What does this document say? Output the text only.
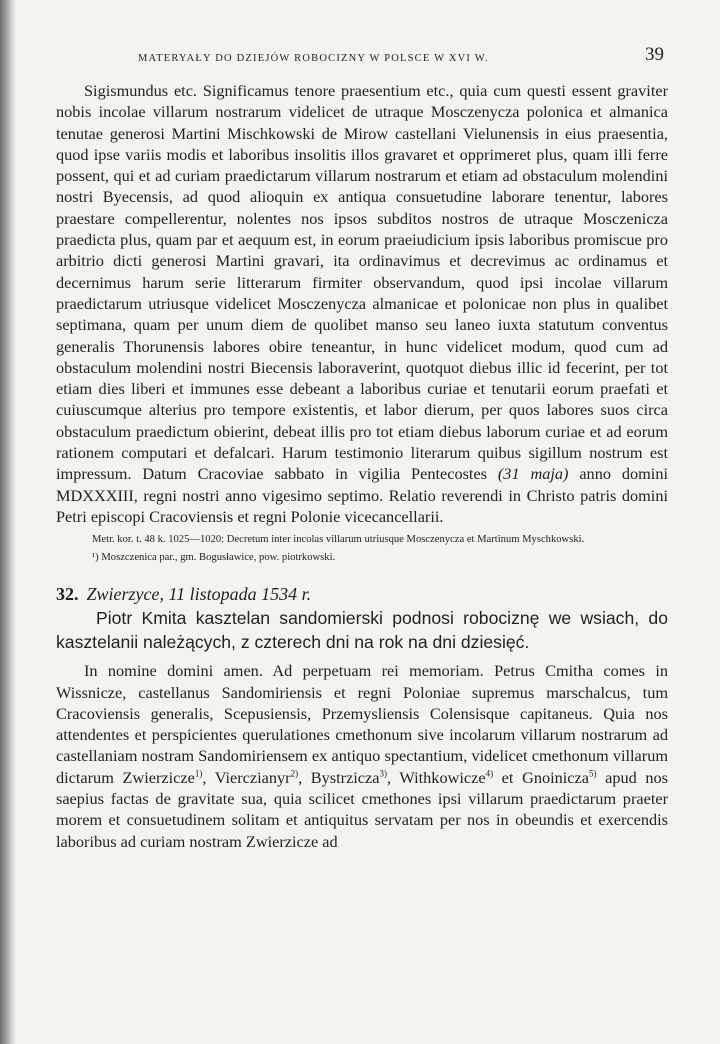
MATERYAŁY DO DZIEJÓW ROBOCIZNY W POLSCE W XVI W.	39

Sigismundus etc. Significamus tenore praesentium etc., quia cum questi essent graviter nobis incolae villarum nostrarum videlicet de utraque Mosczenycza polonica et almanica tenutae generosi Martini Mischkowski de Mirow castellani Vielunensis in eius praesentia, quod ipse variis modis et laboribus insolitis illos gravaret et opprimeret plus, quam illi ferre possent, qui et ad curiam praedictarum villarum nostrarum et etiam ad obstaculum molendini nostri Byecensis, ad quod alioquin ex antiqua consuetudine laborare tenentur, labores praestare compellerentur, nolentes nos ipsos subditos nostros de utraque Mosczenicza praedicta plus, quam par et aequum est, in eorum praeiudicium ipsis laboribus promiscue pro arbitrio dicti generosi Martini gravari, ita ordinavimus et decrevimus ac ordinamus et decernimus harum serie litterarum firmiter observandum, quod ipsi incolae villarum praedictarum utriusque videlicet Mosczenycza almanicae et polonicae non plus in qualibet septimana, quam per unum diem de quolibet manso seu laneo iuxta statutum conventus generalis Thorunensis labores obire teneantur, in hunc videlicet modum, quod cum ad obstaculum molendini nostri Biecensis laboraverint, quotquot diebus illic id fecerint, per tot etiam dies liberi et immunes esse debeant a laboribus curiae et tenutarii eorum praefati et cuiuscumque alterius pro tempore existentis, et labor dierum, per quos labores suos circa obstaculum praedictum obierint, debeat illis pro tot etiam diebus laborum curiae et ad eorum rationem computari et defalcari. Harum testimonio literarum quibus sigillum nostrum est impressum. Datum Cracoviae sabbato in vigilia Pentecostes (31 maja) anno domini MDXXXIII, regni nostri anno vigesimo septimo. Relatio reverendi in Christo patris domini Petri episcopi Cracoviensis et regni Polonie vicecancellarii.

Metr. kor. t. 48 k. 1025—1020: Decretum inter incolas villarum utriusque Mosczenycza et Martinum Myschkowski.

¹) Moszczenica par., gm. Bogusławice, pow. piotrkowski.

32. Zwierzyce, 11 listopada 1534 r.

Piotr Kmita kasztelan sandomierski podnosi robociznę we wsiach, do kasztelanii należących, z czterech dni na rok na dni dziesięć.

In nomine domini amen. Ad perpetuam rei memoriam. Petrus Cmitha comes in Wissnicze, castellanus Sandomiriensis et regni Poloniae supremus marschalcus, tum Cracoviensis generalis, Scepusiensis, Przemysliensis Colensisque capitaneus. Quia nos attendentes et perspicientes querulationes cmethonum sive incolarum villarum nostrarum ad castellaniam nostram Sandomiriensem ex antiquo spectantium, videlicet cmethonum villarum dictarum Zwierzicze$^{1)}$, Vierczianyr$^{2)}$, Bystrzicza$^{3)}$, Withkowicze$^{4)}$ et Gnoinicza$^{5)}$ apud nos saepius factas de gravitate sua, quia scilicet cmethones ipsi villarum praedictarum praeter morem et consuetudinem solitam et antiquitus servatam per nos in obeundis et exercendis laboribus ad curiam nostram Zwierzicze ad
